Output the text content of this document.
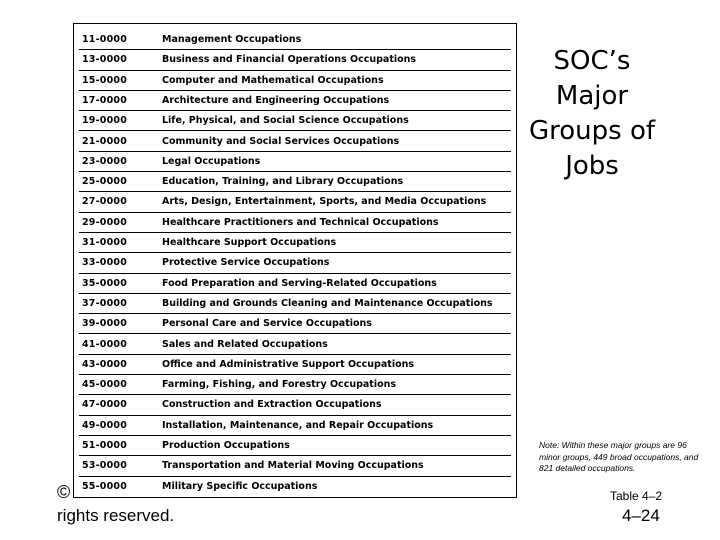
11-0000	Management Occupations
13-0000	Business and Financial Operations Occupations
15-0000	Computer and Mathematical Occupations
17-0000	Architecture and Engineering Occupations
19-0000	Life, Physical, and Social Science Occupations
21-0000	Community and Social Services Occupations
23-0000	Legal Occupations
25-0000	Education, Training, and Library Occupations
27-0000	Arts, Design, Entertainment, Sports, and Media Occupations
29-0000	Healthcare Practitioners and Technical Occupations
31-0000	Healthcare Support Occupations
33-0000	Protective Service Occupations
35-0000	Food Preparation and Serving-Related Occupations
37-0000	Building and Grounds Cleaning and Maintenance Occupations
39-0000	Personal Care and Service Occupations
41-0000	Sales and Related Occupations
43-0000	Office and Administrative Support Occupations
45-0000	Farming, Fishing, and Forestry Occupations
47-0000	Construction and Extraction Occupations
49-0000	Installation, Maintenance, and Repair Occupations
51-0000	Production Occupations
53-0000	Transportation and Material Moving Occupations
55-0000	Military Specific Occupations
SOC’s
Major
Groups of
Jobs
Note: Within these major groups are 96 minor groups, 449 broad occupations, and 821 detailed occupations.
Table 4–2
4–24
©
rights reserved.
